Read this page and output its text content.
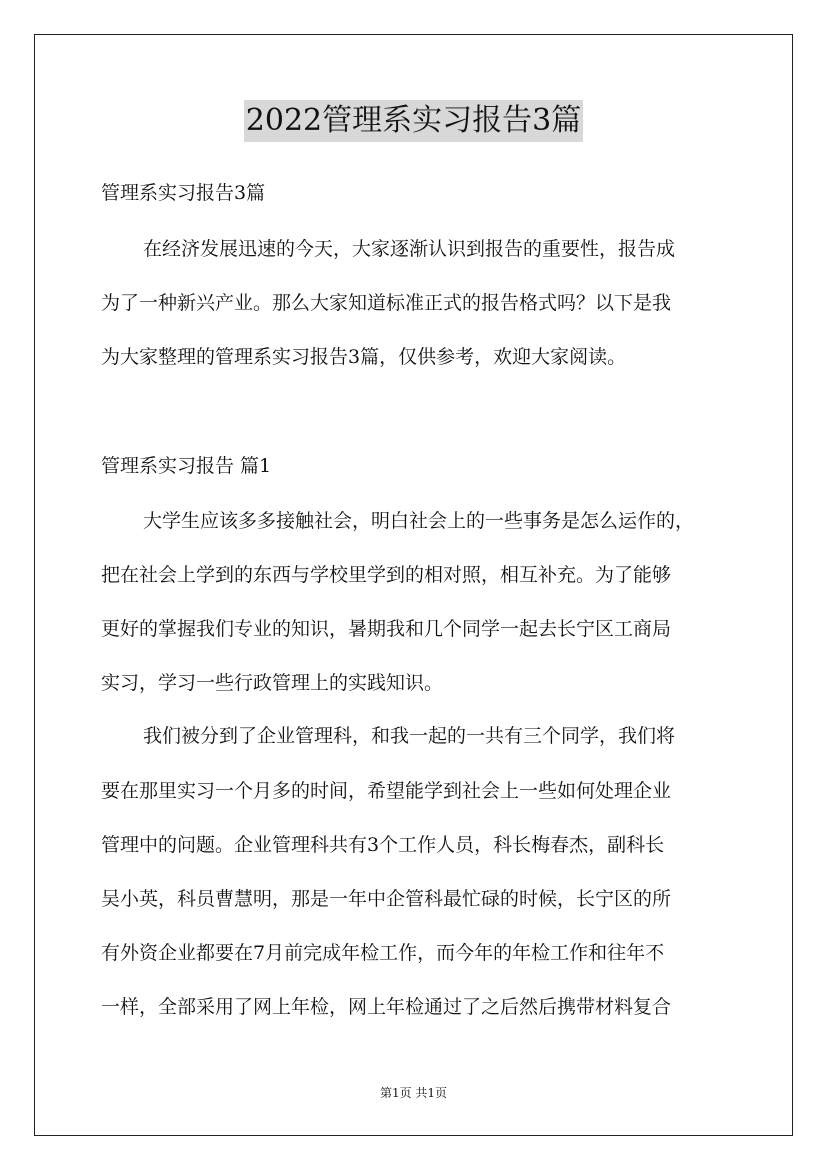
2022管理系实习报告3篇
管理系实习报告3篇
在经济发展迅速的今天，大家逐渐认识到报告的重要性，报告成
为了一种新兴产业。那么大家知道标准正式的报告格式吗？以下是我
为大家整理的管理系实习报告3篇，仅供参考，欢迎大家阅读。
管理系实习报告 篇1
大学生应该多多接触社会，明白社会上的一些事务是怎么运作的，
把在社会上学到的东西与学校里学到的相对照，相互补充。为了能够
更好的掌握我们专业的知识，暑期我和几个同学一起去长宁区工商局
实习，学习一些行政管理上的实践知识。
我们被分到了企业管理科，和我一起的一共有三个同学，我们将
要在那里实习一个月多的时间，希望能学到社会上一些如何处理企业
管理中的问题。企业管理科共有3个工作人员，科长梅春杰，副科长
吴小英，科员曹慧明，那是一年中企管科最忙碌的时候，长宁区的所
有外资企业都要在7月前完成年检工作，而今年的年检工作和往年不
一样，全部采用了网上年检，网上年检通过了之后然后携带材料复合
第1页 共1页
